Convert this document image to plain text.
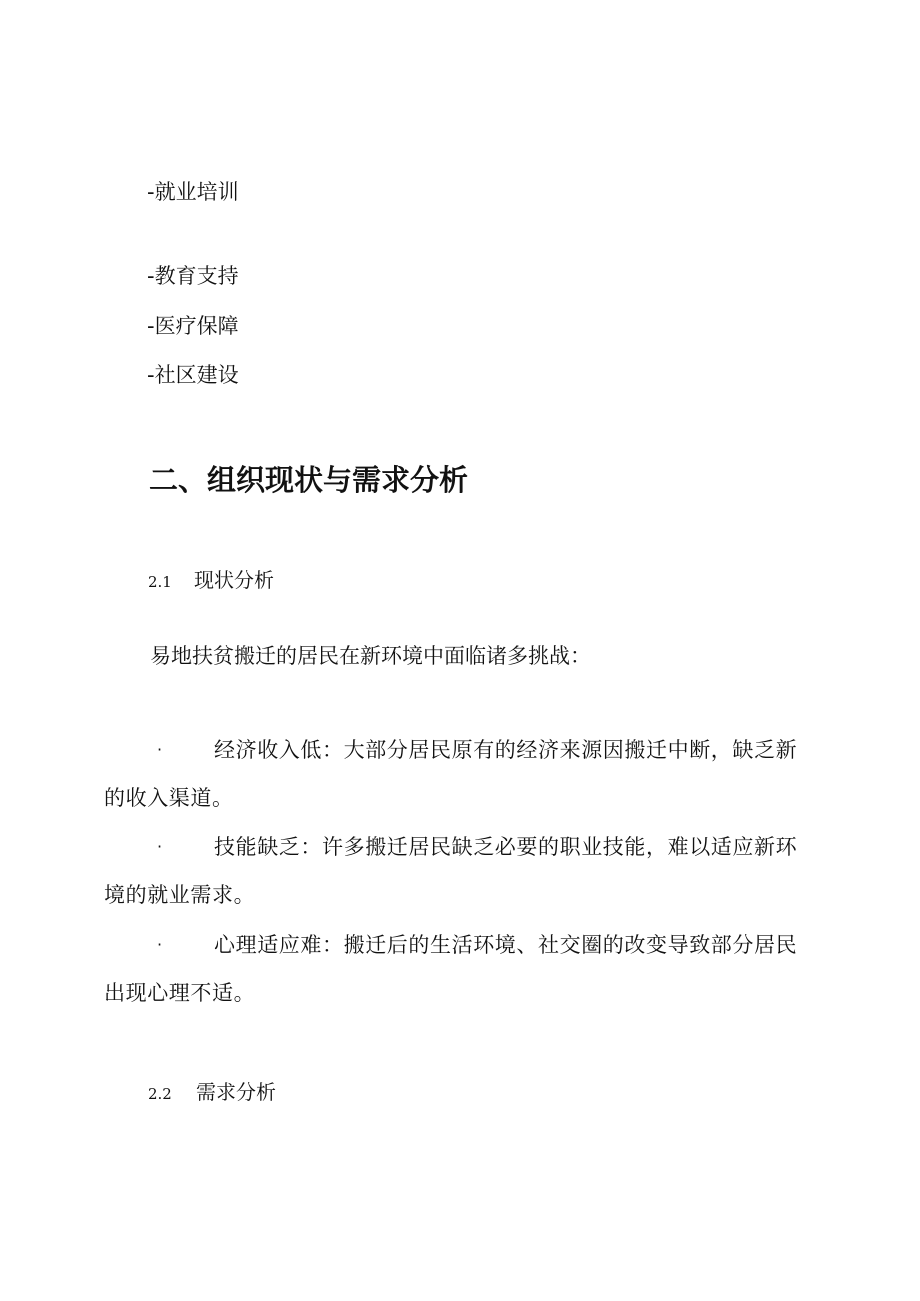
-就业培训
-教育支持
-医疗保障
-社区建设
二、组织现状与需求分析
2.1 现状分析
易地扶贫搬迁的居民在新环境中面临诸多挑战：
·	经济收入低：大部分居民原有的经济来源因搬迁中断，缺乏新的收入渠道。
·	技能缺乏：许多搬迁居民缺乏必要的职业技能，难以适应新环境的就业需求。
·	心理适应难：搬迁后的生活环境、社交圈的改变导致部分居民出现心理不适。
2.2 需求分析
